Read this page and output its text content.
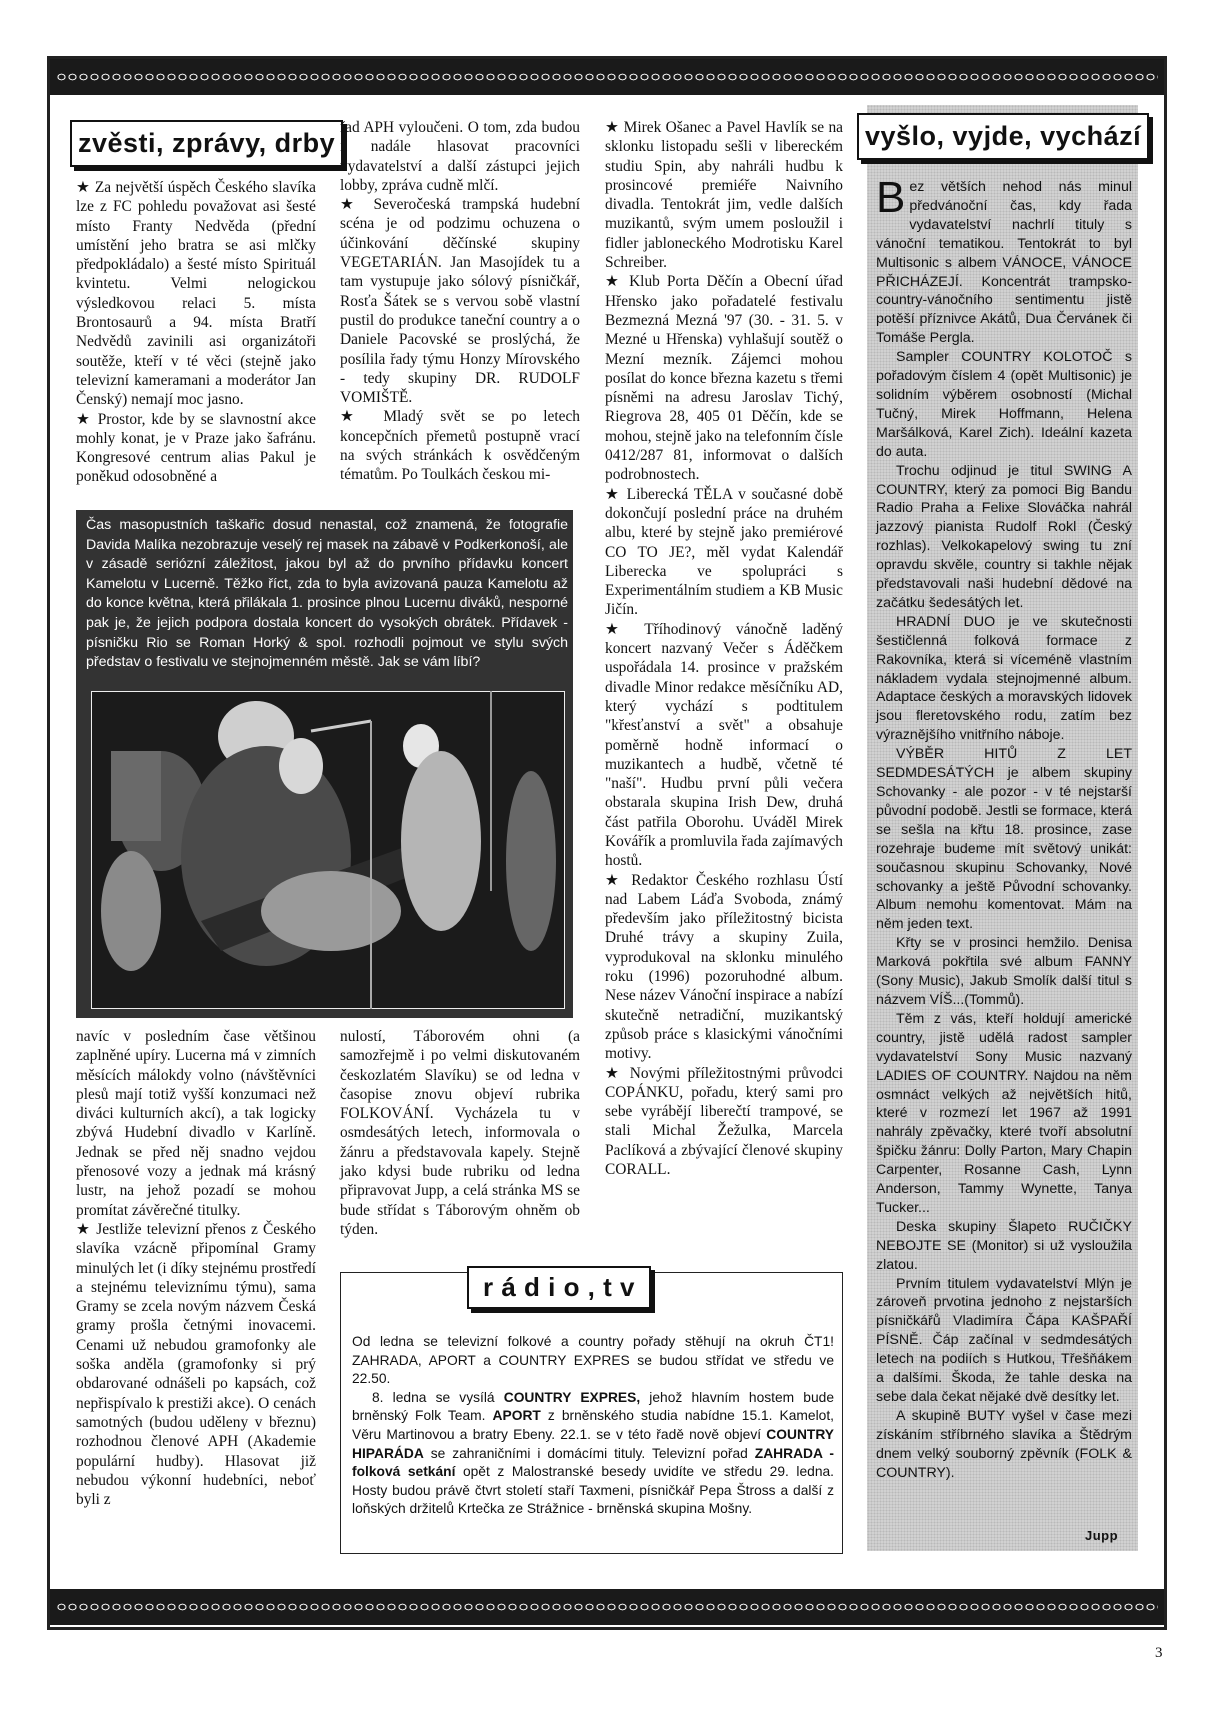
zvěsti, zprávy, drby

★ Za největší úspěch Českého slavíka lze z FC pohledu považovat asi šesté místo Franty Nedvěda (přední umístění jeho bratra se asi mlčky předpokládalo) a šesté místo Spirituál kvintetu. Velmi nelogickou výsledkovou relaci 5. místa Brontosaurů a 94. místa Bratří Nedvědů zavinili asi organizátoři soutěže, kteří v té věci (stejně jako televizní kameramani a moderátor Jan Čenský) nemají moc jasno.

★ Prostor, kde by se slavnostní akce mohly konat, je v Praze jako šafránu. Kongresové centrum alias Pakul je poněkud odosobněné a

řad APH vyloučeni. O tom, zda budou i nadále hlasovat pracovníci vydavatelství a další zástupci jejich lobby, zpráva cudně mlčí.

★ Severočeská trampská hudební scéna je od podzimu ochuzena o účinkování děčínské skupiny VEGETARIÁN. Jan Masojídek tu a tam vystupuje jako sólový písničkář, Rosťa Šátek se s vervou sobě vlastní pustil do produkce taneční country a o Daniele Pacovské se proslýchá, že posílila řady týmu Honzy Mírovského - tedy skupiny DR. RUDOLF VOMIŠTĚ.

★ Mladý svět se po letech koncepčních přemetů postupně vrací na svých stránkách k osvědčeným tématům. Po Toulkách českou mi-

★ Mirek Ošanec a Pavel Havlík se na sklonku listopadu sešli v libereckém studiu Spin, aby nahráli hudbu k prosincové premiéře Naivního divadla. Tentokrát jim, vedle dalších muzikantů, svým umem posloužil i fidler jabloneckého Modrotisku Karel Schreiber.

★ Klub Porta Děčín a Obecní úřad Hřensko jako pořadatelé festivalu Bezmezná Mezná '97 (30. - 31. 5. v Mezné u Hřenska) vyhlašují soutěž o Mezní mezník. Zájemci mohou posílat do konce března kazetu s třemi písněmi na adresu Jaroslav Tichý, Riegrova 28, 405 01 Děčín, kde se mohou, stejně jako na telefonním čísle 0412/287 81, informovat o dalších podrobnostech.

★ Liberecká TĚLA v současné době dokončují poslední práce na druhém albu, které by stejně jako premiérové CO TO JE?, měl vydat Kalendář Liberecka ve spolupráci s Experimentálním studiem a KB Music Jičín.

★ Tříhodinový vánočně laděný koncert nazvaný Večer s Áděčkem uspořádala 14. prosince v pražském divadle Minor redakce měsíčníku AD, který vychází s podtitulem "křesťanství a svět" a obsahuje poměrně hodně informací o muzikantech a hudbě, včetně té "naší". Hudbu první půli večera obstarala skupina Irish Dew, druhá část patřila Oborohu. Uváděl Mirek Kovářík a promluvila řada zajímavých hostů.

★ Redaktor Českého rozhlasu Ústí nad Labem Láďa Svoboda, známý především jako příležitostný bicista Druhé trávy a skupiny Zuila, vyprodukoval na sklonku minulého roku (1996) pozoruhodné album. Nese název Vánoční inspirace a nabízí skutečně netradiční, muzikantský způsob práce s klasickými vánočními motivy.

★ Novými příležitostnými průvodci COPÁNKU, pořadu, který sami pro sebe vyrábějí liberečtí trampové, se stali Michal Žežulka, Marcela Paclíková a zbývající členové skupiny CORALL.

Čas masopustních taškařic dosud nenastal, což znamená, že fotografie Davida Malíka nezobrazuje veselý rej masek na zábavě v Podkerkonoší, ale v zásadě seriózní záležitost, jakou byl až do prvního přídavku koncert Kamelotu v Lucerně. Těžko říct, zda to byla avizovaná pauza Kamelotu až do konce května, která přilákala 1. prosince plnou Lucernu diváků, nesporné pak je, že jejich podpora dostala koncert do vysokých obrátek. Přídavek - písničku Rio se Roman Horký & spol. rozhodli pojmout ve stylu svých představ o festivalu ve stejnojmenném městě. Jak se vám líbí?

navíc v posledním čase většinou zaplněné upíry. Lucerna má v zimních měsících málokdy volno (návštěvníci plesů mají totiž vyšší konzumaci než diváci kulturních akcí), a tak logicky zbývá Hudební divadlo v Karlíně. Jednak se před něj snadno vejdou přenosové vozy a jednak má krásný lustr, na jehož pozadí se mohou promítat závěrečné titulky.

★ Jestliže televizní přenos z Českého slavíka vzácně připomínal Gramy minulých let (i díky stejnému prostředí a stejnému televiznímu týmu), sama Gramy se zcela novým názvem Česká gramy prošla četnými inovacemi. Cenami už nebudou gramofonky ale soška anděla (gramofonky si prý obdarované odnášeli po kapsách, což nepřispívalo k prestiži akce). O cenách samotných (budou uděleny v březnu) rozhodnou členové APH (Akademie populární hudby). Hlasovat již nebudou výkonní hudebníci, neboť byli z

nulostí, Táborovém ohni (a samozřejmě i po velmi diskutovaném českozlatém Slavíku) se od ledna v časopise znovu objeví rubrika FOLKOVÁNÍ. Vycházela tu v osmdesátých letech, informovala o žánru a představovala kapely. Stejně jako kdysi bude rubriku od ledna připravovat Jupp, a celá stránka MS se bude střídat s Táborovým ohněm ob týden.

r á d i o , t v

Od ledna se televizní folkové a country pořady stěhují na okruh ČT1! ZAHRADA, APORT a COUNTRY EXPRES se budou střídat ve středu ve 22.50.

8. ledna se vysílá COUNTRY EXPRES, jehož hlavním hostem bude brněnský Folk Team. APORT z brněnského studia nabídne 15.1. Kamelot, Věru Martinovou a bratry Ebeny. 22.1. se v této řadě nově objeví COUNTRY HIPARÁDA se zahraničními i domácími tituly. Televizní pořad ZAHRADA - folková setkání opět z Malostranské besedy uvidíte ve středu 29. ledna. Hosty budou právě čtvrt století staří Taxmeni, písničkář Pepa Štross a další z loňských držitelů Krtečka ze Strážnice - brněnská skupina Mošny.

vyšlo, vyjde, vychází

Bez větších nehod nás minul předvánoční čas, kdy řada vydavatelství nachrlí tituly s vánoční tematikou. Tentokrát to byl Multisonic s albem VÁNOCE, VÁNOCE PŘICHÁZEJÍ. Koncentrát trampsko-country-vánočního sentimentu jistě potěší příznivce Akátů, Dua Červánek či Tomáše Pergla.

Sampler COUNTRY KOLOTOČ s pořadovým číslem 4 (opět Multisonic) je solidním výběrem osobností (Michal Tučný, Mirek Hoffmann, Helena Maršálková, Karel Zich). Ideální kazeta do auta.

Trochu odjinud je titul SWING A COUNTRY, který za pomoci Big Bandu Radio Praha a Felixe Slováčka nahrál jazzový pianista Rudolf Rokl (Český rozhlas). Velkokapelový swing tu zní opravdu skvěle, country si takhle nějak představovali naši hudební dědové na začátku šedesátých let.

HRADNÍ DUO je ve skutečnosti šestičlenná folková formace z Rakovníka, která si víceméně vlastním nákladem vydala stejnojmenné album. Adaptace českých a moravských lidovek jsou fleretovského rodu, zatím bez výraznějšího vnitřního náboje.

VÝBĚR HITŮ Z LET SEDMDESÁTÝCH je albem skupiny Schovanky - ale pozor - v té nejstarší původní podobě. Jestli se formace, která se sešla na křtu 18. prosince, zase rozehraje budeme mít světový unikát: současnou skupinu Schovanky, Nové schovanky a ještě Původní schovanky. Album nemohu komentovat. Mám na něm jeden text.

Křty se v prosinci hemžilo. Denisa Marková pokřtila své album FANNY (Sony Music), Jakub Smolík další titul s názvem VÍŠ...(Tommů).

Těm z vás, kteří holdují americké country, jistě udělá radost sampler vydavatelství Sony Music nazvaný LADIES OF COUNTRY. Najdou na něm osmnáct velkých až největších hitů, které v rozmezí let 1967 až 1991 nahrály zpěvačky, které tvoří absolutní špičku žánru: Dolly Parton, Mary Chapin Carpenter, Rosanne Cash, Lynn Anderson, Tammy Wynette, Tanya Tucker...

Deska skupiny Šlapeto RUČIČKY NEBOJTE SE (Monitor) si už vysloužila zlatou.

Prvním titulem vydavatelství Mlýn je zároveň prvotina jednoho z nejstarších písničkářů Vladimíra Čápa KAŠPAŘÍ PÍSNĚ. Čáp začínal v sedmdesátých letech na podiích s Hutkou, Třešňákem a dalšími. Škoda, že tahle deska na sebe dala čekat nějaké dvě desítky let.

A skupině BUTY vyšel v čase mezi získáním stříbrného slavíka a Štědrým dnem velký souborný zpěvník (FOLK & COUNTRY).

Jupp
3
